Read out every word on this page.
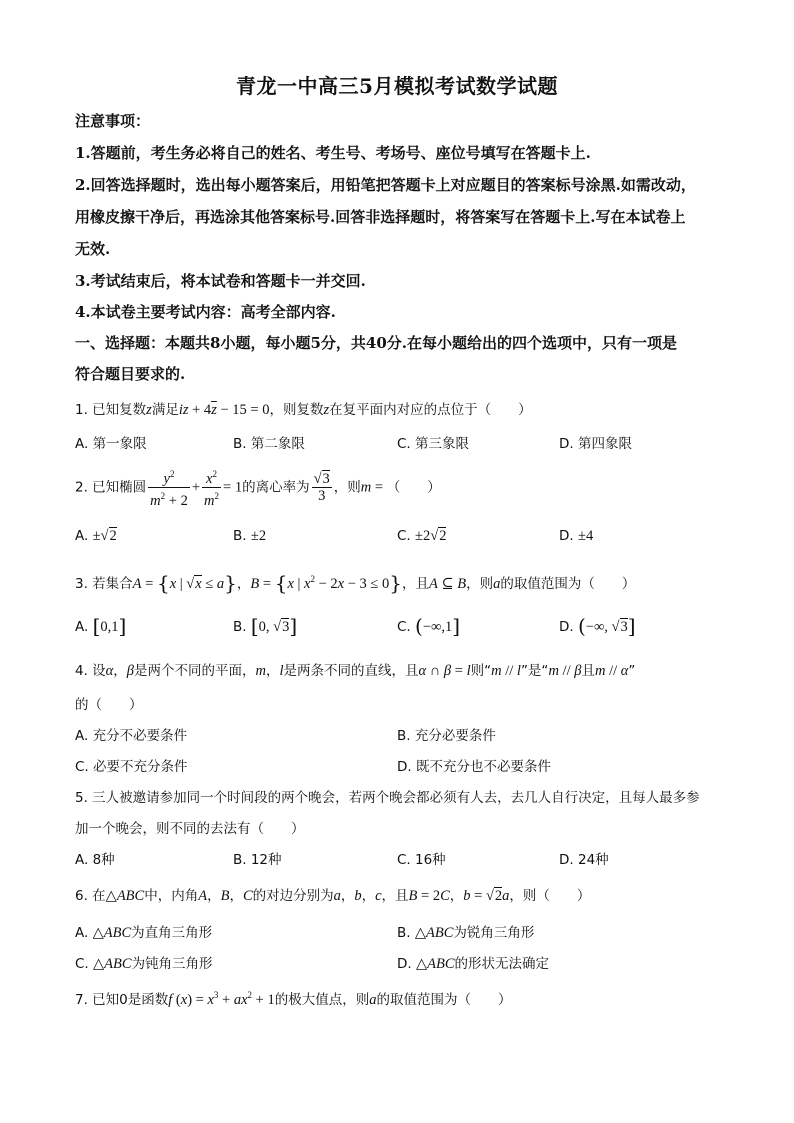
青龙一中高三5月模拟考试数学试题
注意事项：
1.答题前，考生务必将自己的姓名、考生号、考场号、座位号填写在答题卡上.
2.回答选择题时，选出每小题答案后，用铅笔把答题卡上对应题目的答案标号涂黑.如需改动，
用橡皮擦干净后，再选涂其他答案标号.回答非选择题时，将答案写在答题卡上.写在本试卷上
无效.
3.考试结束后，将本试卷和答题卡一并交回.
4.本试卷主要考试内容：高考全部内容.
一、选择题：本题共8小题，每小题5分，共40分.在每小题给出的四个选项中，只有一项是
符合题目要求的.
1. 已知复数z满足iz + $4\overline{z} - 15 = 0$，则复数z在复平面内对应的点位于（　　）
A. 第一象限	B. 第二象限	C. 第三象限	D. 第四象限
2. 已知椭圆 $\frac{y^2}{m^2 + 2} + \frac{x^2}{m^2} = 1$的离心率为 $\frac{√3}{3}$ ，则m = （　　）
A. ±√2	B. ±2	C. ±2√2	D. ±4
3. 若集合A = {x | √x ≤ a}，B = {x | $x^2 - 2x - 3 \le 0$}，且A ⊆ B，则a的取值范围为（　　）
A. [0,1]	B. [0, √3]	C. (−∞,1]	D. (−∞, √3]
4. 设α，β是两个不同的平面，m，l是两条不同的直线，且α ∩ β = l则“m // l”是“m // β且m // α”
的（　　）
A. 充分不必要条件	B. 充分必要条件
C. 必要不充分条件	D. 既不充分也不必要条件
5. 三人被邀请参加同一个时间段的两个晚会，若两个晚会都必须有人去，去几人自行决定，且每人最多参
加一个晚会，则不同的去法有（　　）
A. 8种	B. 12种	C. 16种	D. 24种
6. 在△ABC中，内角A，B，C的对边分别为a，b，c，且B = 2C，b = √2a，则（　　）
A. △ABC为直角三角形	B. △ABC为锐角三角形
C. △ABC为钝角三角形	D. △ABC的形状无法确定
7. 已知0是函数f $(x) = x^3 + ax^2 + 1$的极大值点，则a的取值范围为（　　）
